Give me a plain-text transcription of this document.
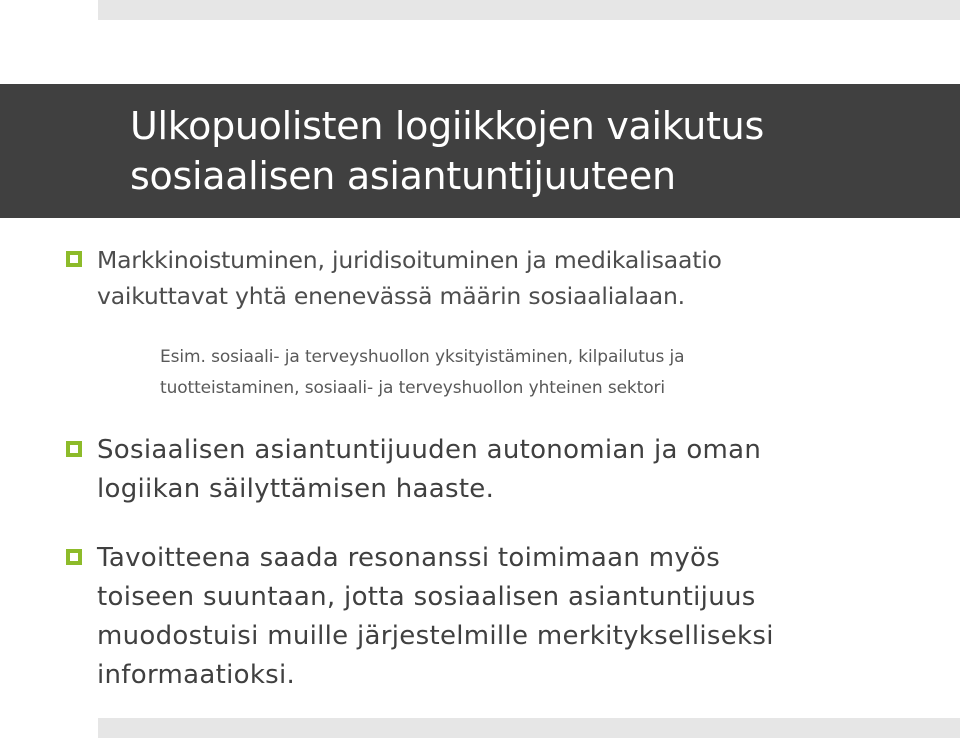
Ulkopuolisten logiikkojen vaikutus
sosiaalisen asiantuntijuuteen

Markkinoistuminen, juridisoituminen ja medikalisaatio
vaikuttavat yhtä enenevässä määrin sosiaalialaan.

Esim. sosiaali- ja terveyshuollon yksityistäminen, kilpailutus ja
tuotteistaminen, sosiaali- ja terveyshuollon yhteinen sektori

Sosiaalisen asiantuntijuuden autonomian ja oman
logiikan säilyttämisen haaste.

Tavoitteena saada resonanssi toimimaan myös
toiseen suuntaan, jotta sosiaalisen asiantuntijuus
muodostuisi muille järjestelmille merkitykselliseksi
informaatioksi.
